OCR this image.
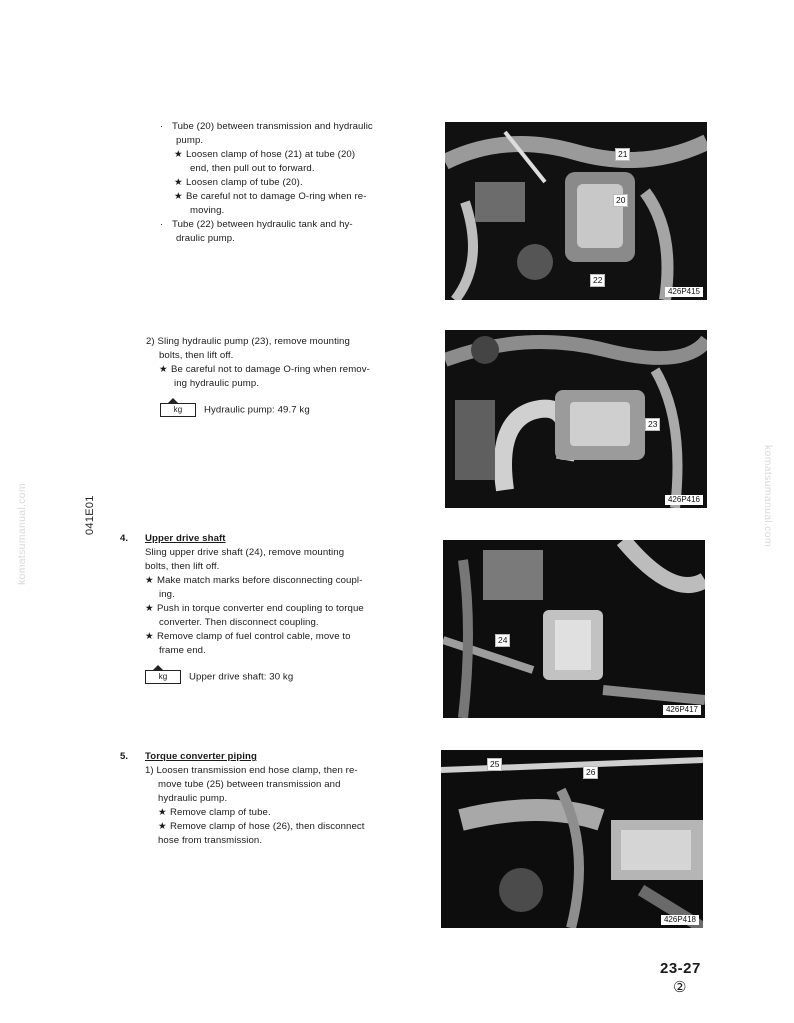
041E01
komatsumanual.com	komatsumanual.com
· Tube (20) between transmission and hydraulic
pump.
★ Loosen clamp of hose (21) at tube (20)
end, then pull out to forward.
★ Loosen clamp of tube (20).
★ Be careful not to damage O-ring when re-
moving.
· Tube (22) between hydraulic tank and hy-
draulic pump.
2) Sling hydraulic pump (23), remove mounting
bolts, then lift off.
★ Be careful not to damage O-ring when remov-
ing hydraulic pump.
kg Hydraulic pump: 49.7 kg
4. Upper drive shaft
Sling upper drive shaft (24), remove mounting
bolts, then lift off.
★ Make match marks before disconnecting coupl-
ing.
★ Push in torque converter end coupling to torque
converter. Then disconnect coupling.
★ Remove clamp of fuel control cable, move to
frame end.
kg Upper drive shaft: 30 kg
5. Torque converter piping
1) Loosen transmission end hose clamp, then re-
move tube (25) between transmission and
hydraulic pump.
★ Remove clamp of tube.
★ Remove clamp of hose (26), then disconnect
hose from transmission.
21
20
22
426P415
23
426P416
24
426P417
25
26
426P418
23-27
②
